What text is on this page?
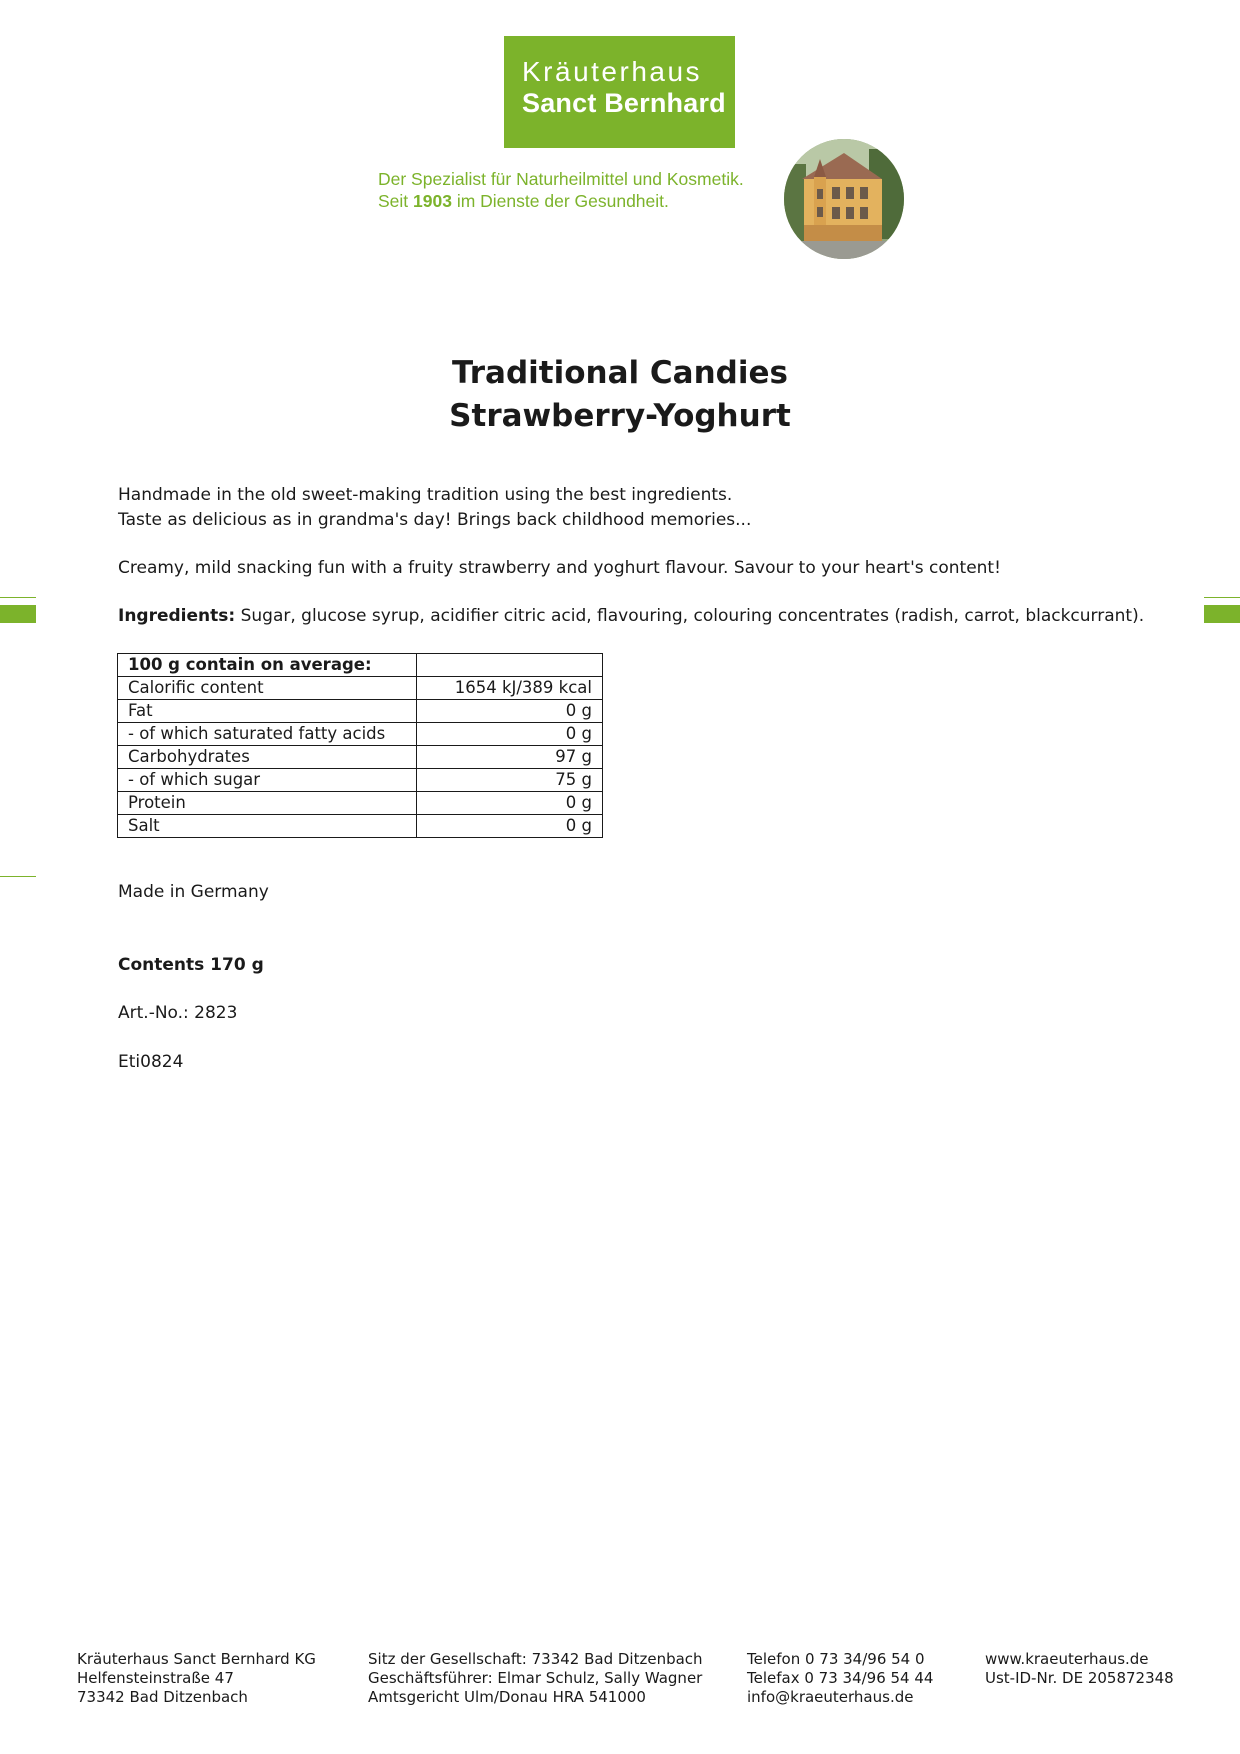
Kräuterhaus
Sanct Bernhard
Der Spezialist für Naturheilmittel und Kosmetik.
Seit 1903 im Dienste der Gesundheit.
Traditional Candies
Strawberry-Yoghurt
Handmade in the old sweet-making tradition using the best ingredients.
Taste as delicious as in grandma's day! Brings back childhood memories...
Creamy, mild snacking fun with a fruity strawberry and yoghurt flavour. Savour to your heart's content!
Ingredients: Sugar, glucose syrup, acidifier citric acid, flavouring, colouring concentrates (radish, carrot, blackcurrant).
100 g contain on average:	
Calorific content	1654 kJ/389 kcal
Fat	0 g
- of which saturated fatty acids	0 g
Carbohydrates	97 g
- of which sugar	75 g
Protein	0 g
Salt	0 g
Made in Germany
Contents 170 g
Art.-No.: 2823
Eti0824
Kräuterhaus Sanct Bernhard KG
Helfensteinstraße 47
73342 Bad Ditzenbach
Sitz der Gesellschaft: 73342 Bad Ditzenbach
Geschäftsführer: Elmar Schulz, Sally Wagner
Amtsgericht Ulm/Donau HRA 541000
Telefon 0 73 34/96 54 0
Telefax 0 73 34/96 54 44
info@kraeuterhaus.de
www.kraeuterhaus.de
Ust-ID-Nr. DE 205872348
